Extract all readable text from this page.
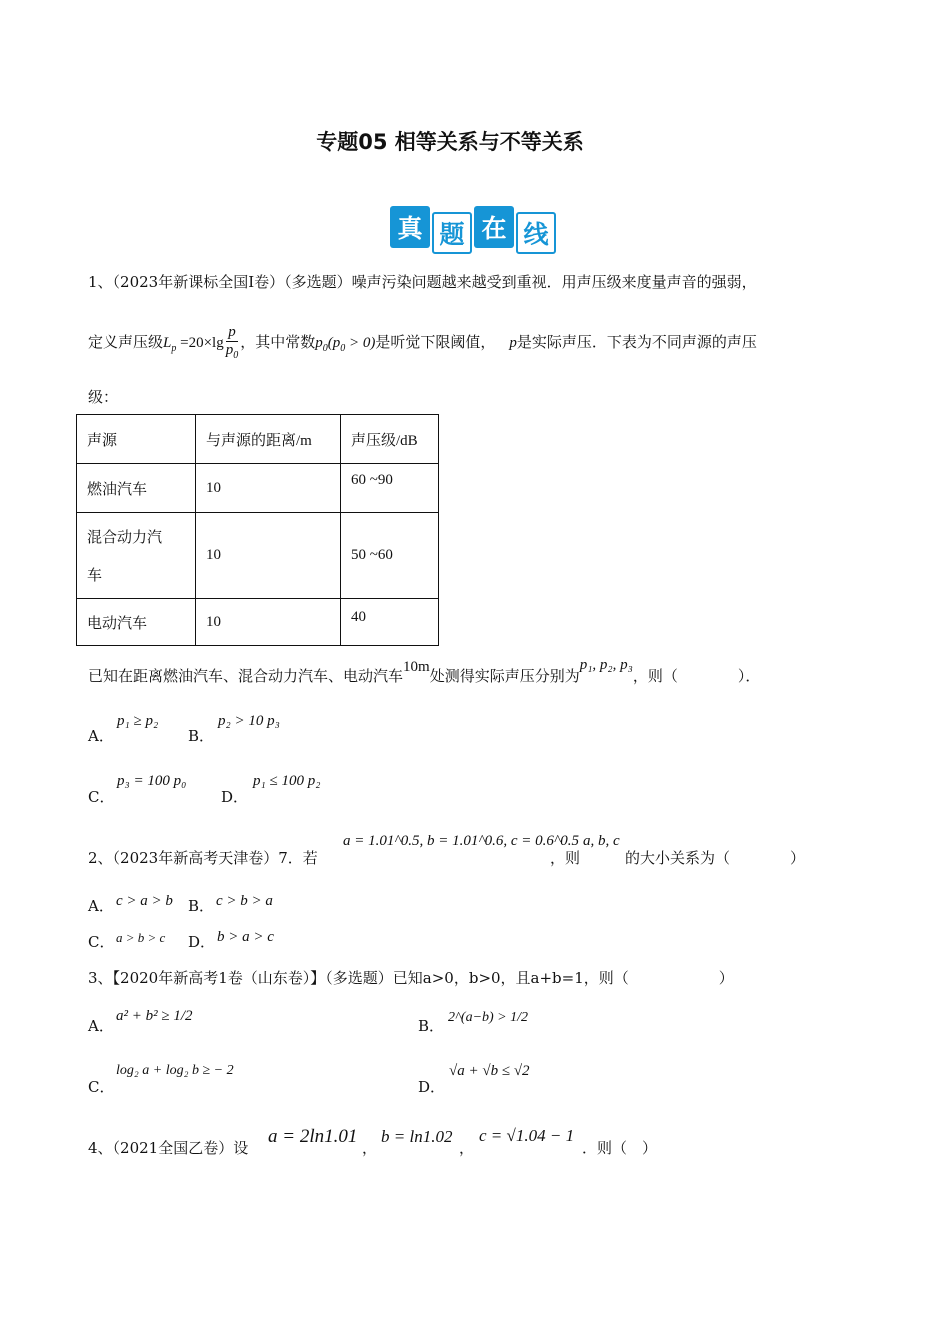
专题05 相等关系与不等关系
真 题 在 线
1、（2023年新课标全国Ⅰ卷）（多选题）噪声污染问题越来越受到重视．用声压级来度量声音的强弱，
定义声压级$L_p =20\times\lg \frac{p}{p_0}$ ，其中常数$p_0(p_0 > 0)$是听觉下限阈值， p是实际声压．下表为不同声源的声压
级：
声源	与声源的距离/m	声压级/dB
燃油汽车	10	60 ~90
混合动力汽
车	10	50 ~60
电动汽车	10	40
已知在距离燃油汽车、混合动力汽车、电动汽车10m处测得实际声压分别为p₁, p₂, p₃，则（　　　　）．
A．
p₁ ≥ p₂
B．
p₂ > 10 p₃
C．
p₃ = 100 p₀
D．
p₁ ≤ 100 p₂
2、（2023年新高考天津卷）7．若
a = 1.01^0.5, b = 1.01^0.6, c = 0.6^0.5
，则
a, b, c
的大小关系为（　　　　）
A． c > a > b B． c > b > a
C． a > b > c D． b > a > c
3、【2020年新高考1卷（山东卷）】（多选题）已知a>0，b>0，且a+b=1，则（　　　　　　）
A．
a² + b² ≥ 1/2
B． 2^(a−b) > 1/2
C．
log₂ a + log₂ b ≥ − 2
D．
√a + √b ≤ √2
4、（2021全国乙卷）设
a = 2ln1.01
，
b = ln1.02
，
c = √1.04 − 1
．则（　）
